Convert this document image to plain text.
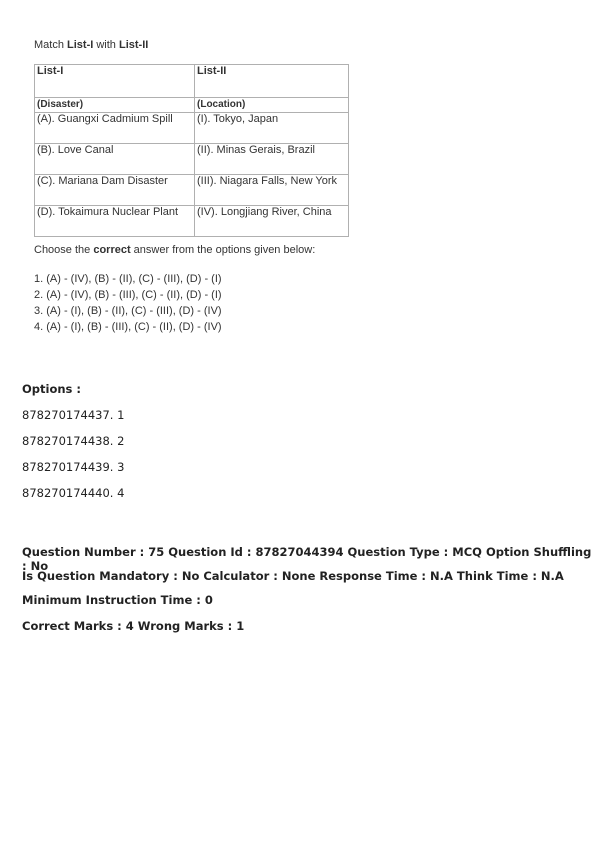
Match List-I with List-II

List-I	List-II
(Disaster)	(Location)
(A). Guangxi Cadmium Spill	(I). Tokyo, Japan
(B). Love Canal	(II). Minas Gerais, Brazil
(C). Mariana Dam Disaster	(III). Niagara Falls, New York
(D). Tokaimura Nuclear Plant	(IV). Longjiang River, China

Choose the correct answer from the options given below:

1. (A) - (IV), (B) - (II), (C) - (III), (D) - (I)
2. (A) - (IV), (B) - (III), (C) - (II), (D) - (I)
3. (A) - (I), (B) - (II), (C) - (III), (D) - (IV)
4. (A) - (I), (B) - (III), (C) - (II), (D) - (IV)
Options :
878270174437. 1
878270174438. 2
878270174439. 3
878270174440. 4
Question Number : 75 Question Id : 87827044394 Question Type : MCQ Option Shuffling : No
Is Question Mandatory : No Calculator : None Response Time : N.A Think Time : N.A
Minimum Instruction Time : 0
Correct Marks : 4 Wrong Marks : 1
